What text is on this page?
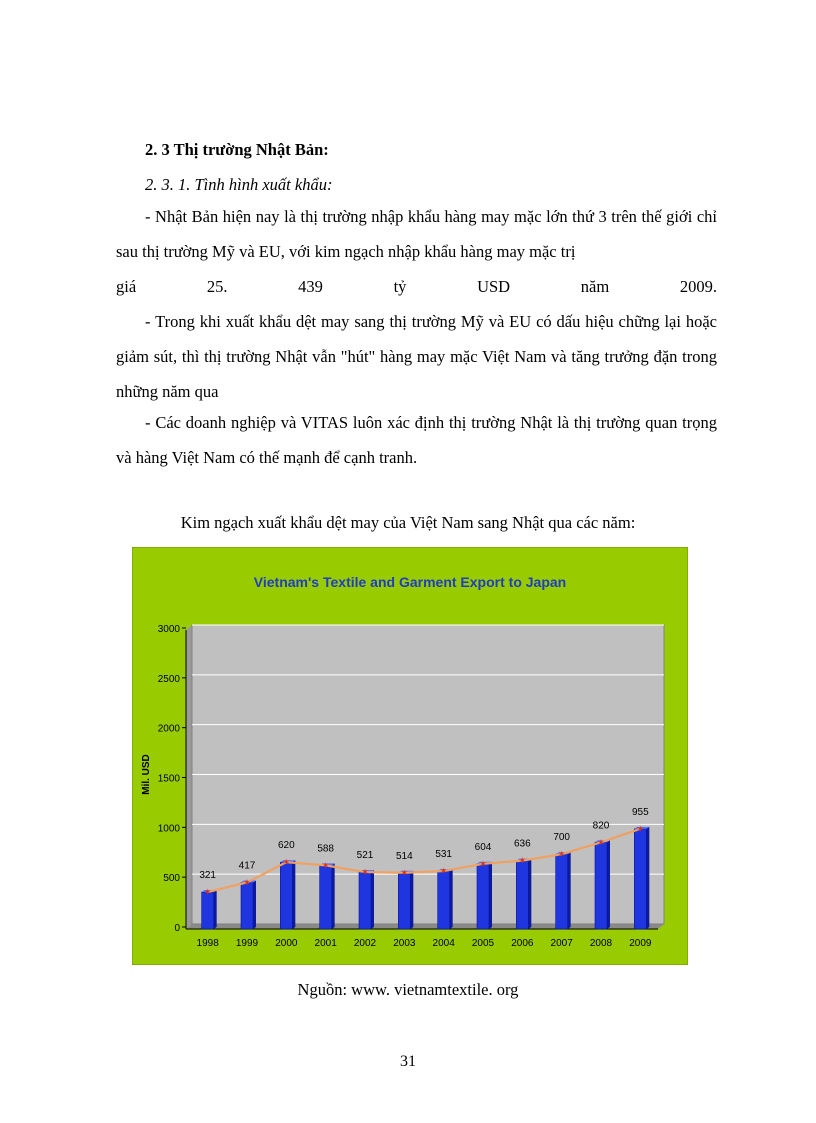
2. 3 Thị trường Nhật Bản:
2. 3. 1. Tình hình xuất khẩu:
- Nhật Bản hiện nay là thị trường nhập khẩu hàng may mặc lớn thứ 3 trên thế giới chỉ sau thị trường Mỹ và EU, với kim ngạch nhập khẩu hàng may mặc trị
giá 25. 439 tỷ USD năm 2009.

- Trong khi xuất khẩu dệt may sang thị trường Mỹ và EU có dấu hiệu chững lại hoặc giảm sút, thì thị trường Nhật vẫn "hút" hàng may mặc Việt Nam và tăng trưởng đặn trong những năm qua

- Các doanh nghiệp và VITAS luôn xác định thị trường Nhật là thị trường quan trọng và hàng Việt Nam có thế mạnh để cạnh tranh.

Kim ngạch xuất khẩu dệt may của Việt Nam sang Nhật qua các năm:
Vietnam's Textile and Garment Export to Japan
0
500
1000
1500
2000
2500
3000
Mil. USD
321
1998
417
1999
620
2000
588
2001
521
2002
514
2003
531
2004
604
2005
636
2006
700
2007
820
2008
955
2009
✶
✶
✶	✶
✶	✶	✶
✶	✶
✶
✶
✶
Nguồn: www. vietnamtextile. org
31
